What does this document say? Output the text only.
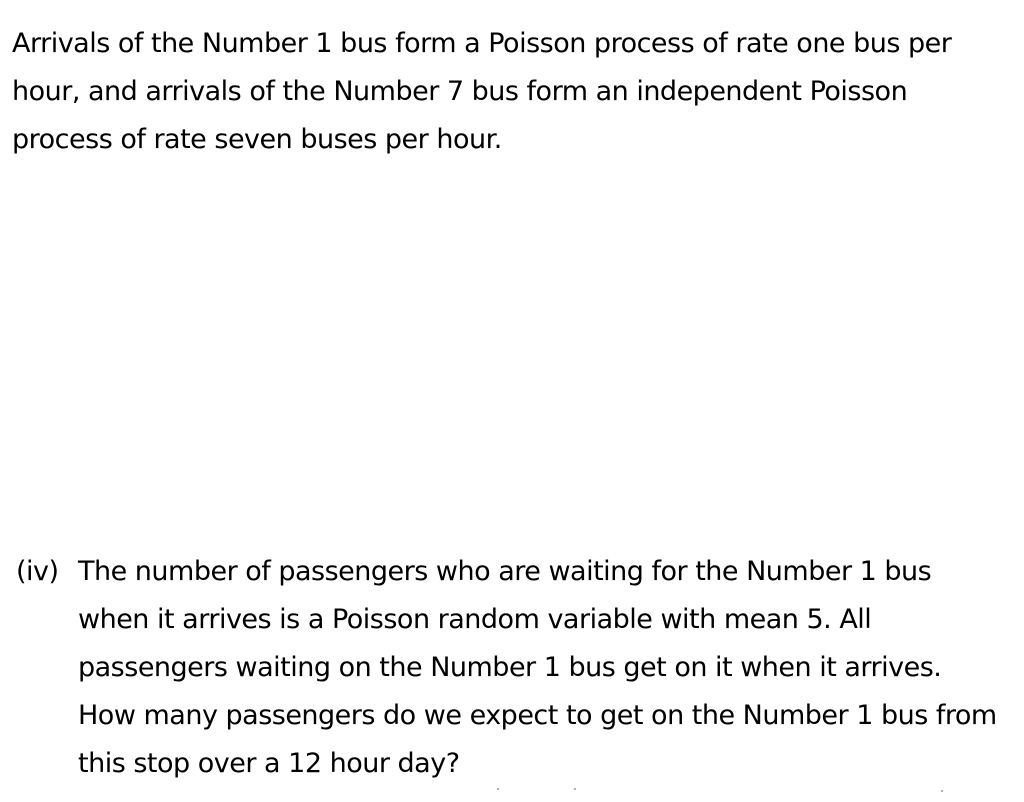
Arrivals of the Number 1 bus form a Poisson process of rate one bus per hour, and arrivals of the Number 7 bus form an independent Poisson process of rate seven buses per hour.

(iv) The number of passengers who are waiting for the Number 1 bus when it arrives is a Poisson random variable with mean 5. All passengers waiting on the Number 1 bus get on it when it arrives. How many passengers do we expect to get on the Number 1 bus from this stop over a 12 hour day?
